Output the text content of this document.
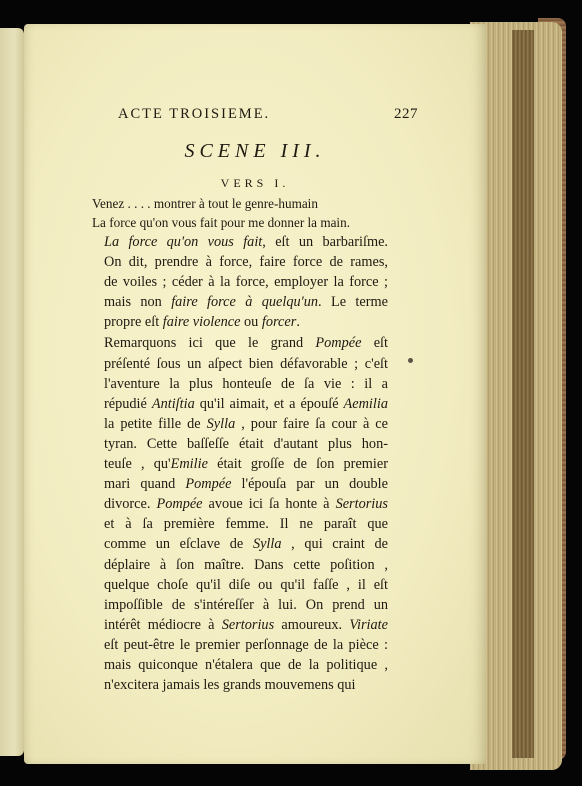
ACTE TROISIEME.	227
SCENE III.
VERS I.
Venez . . . . montrer à tout le genre-humain
La force qu'on vous fait pour me donner la main.

La force qu'on vous fait, eſt un barbariſme.
On dit, prendre à force, faire force de rames,
de voiles ; céder à la force, employer la force ;
mais non faire force à quelqu'un. Le terme
propre eſt faire violence ou forcer.

Remarquons ici que le grand Pompée eſt
préſenté ſous un aſpect bien défavorable ; c'eſt
l'aventure la plus honteuſe de ſa vie : il a
répudié Antiſtia qu'il aimait, et a épouſé Aemilia
la petite fille de Sylla , pour faire ſa cour à ce
tyran. Cette baſſeſſe était d'autant plus hon-
teuſe , qu'Emilie était groſſe de ſon premier
mari quand Pompée l'épouſa par un double
divorce. Pompée avoue ici ſa honte à Sertorius
et à ſa première femme. Il ne paraît que
comme un eſclave de Sylla , qui craint de
déplaire à ſon maître. Dans cette poſition ,
quelque choſe qu'il diſe ou qu'il faſſe , il eſt
impoſſible de s'intéreſſer à lui. On prend un
intérêt médiocre à Sertorius amoureux. Viriate
eſt peut-être le premier perſonnage de la pièce :
mais quiconque n'étalera que de la politique ,
n'excitera jamais les grands mouvemens qui
